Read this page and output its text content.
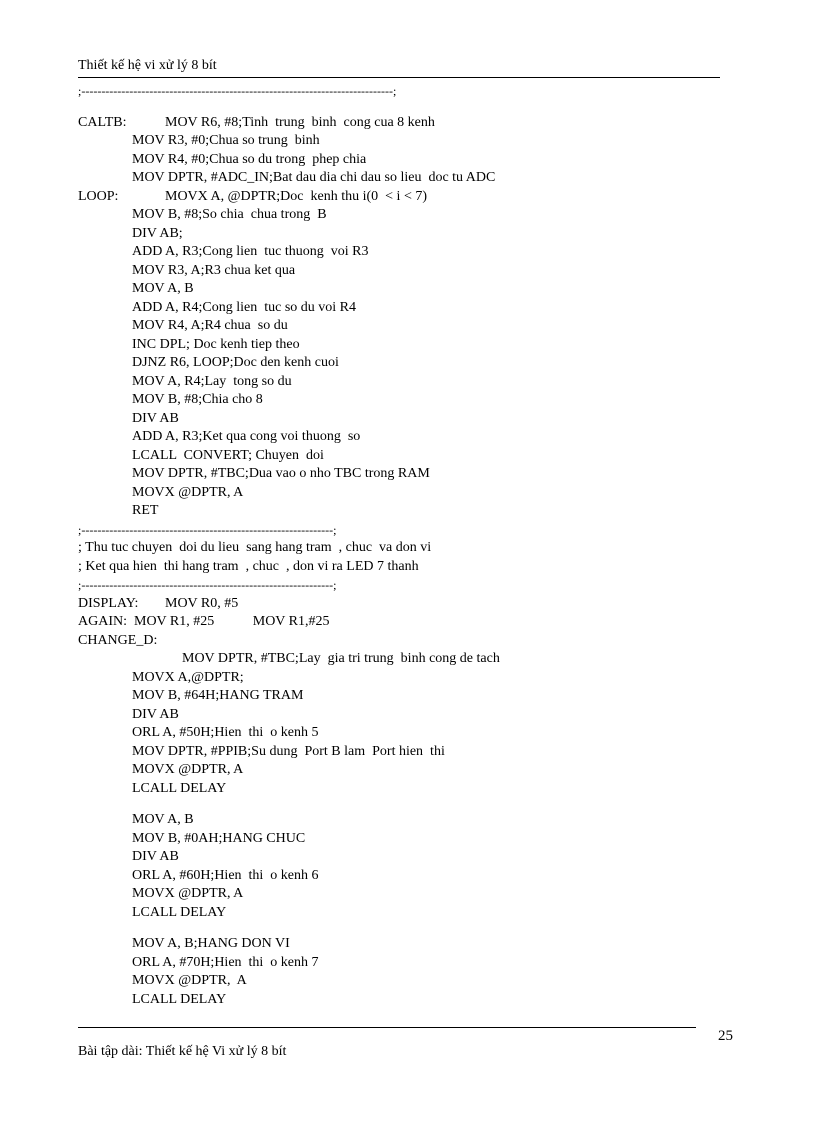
Thiết kế hệ vi xử lý 8 bít
;------------------------------------------------------------------------------;
CALTB:	MOV R6, #8;Tinh  trung  binh  cong cua 8 kenh
MOV R3, #0;Chua so trung  binh
MOV R4, #0;Chua so du trong  phep chia
MOV DPTR, #ADC_IN;Bat dau dia chi dau so lieu  doc tu ADC
LOOP:	MOVX A, @DPTR;Doc  kenh thu i(0  < i < 7)
MOV B, #8;So chia  chua trong  B
DIV AB;
ADD A, R3;Cong lien  tuc thuong  voi R3
MOV R3, A;R3 chua ket qua
MOV A, B
ADD A, R4;Cong lien  tuc so du voi R4
MOV R4, A;R4 chua  so du
INC DPL; Doc kenh tiep theo
DJNZ R6, LOOP;Doc den kenh cuoi
MOV A, R4;Lay  tong so du
MOV B, #8;Chia cho 8
DIV AB
ADD A, R3;Ket qua cong voi thuong  so
LCALL  CONVERT; Chuyen  doi
MOV DPTR, #TBC;Dua vao o nho TBC trong RAM
MOVX @DPTR, A
RET
;---------------------------------------------------------------;
; Thu tuc chuyen  doi du lieu  sang hang tram  , chuc  va don vi
; Ket qua hien  thi hang tram  , chuc  , don vi ra LED 7 thanh
;---------------------------------------------------------------;
DISPLAY: MOV R0, #5
AGAIN:  MOV R1, #25           MOV R1,#25
CHANGE_D:
MOV DPTR, #TBC;Lay  gia tri trung  binh cong de tach
MOVX A,@DPTR;
MOV B, #64H;HANG TRAM
DIV AB
ORL A, #50H;Hien  thi  o kenh 5
MOV DPTR, #PPIB;Su dung  Port B lam  Port hien  thi
MOVX @DPTR, A
LCALL DELAY
MOV A, B
MOV B, #0AH;HANG CHUC
DIV AB
ORL A, #60H;Hien  thi  o kenh 6
MOVX @DPTR, A
LCALL DELAY
MOV A, B;HANG DON VI
ORL A, #70H;Hien  thi  o kenh 7
MOVX @DPTR,  A
LCALL DELAY
25
Bài tập dài: Thiết kế hệ Vi xử lý 8 bít
